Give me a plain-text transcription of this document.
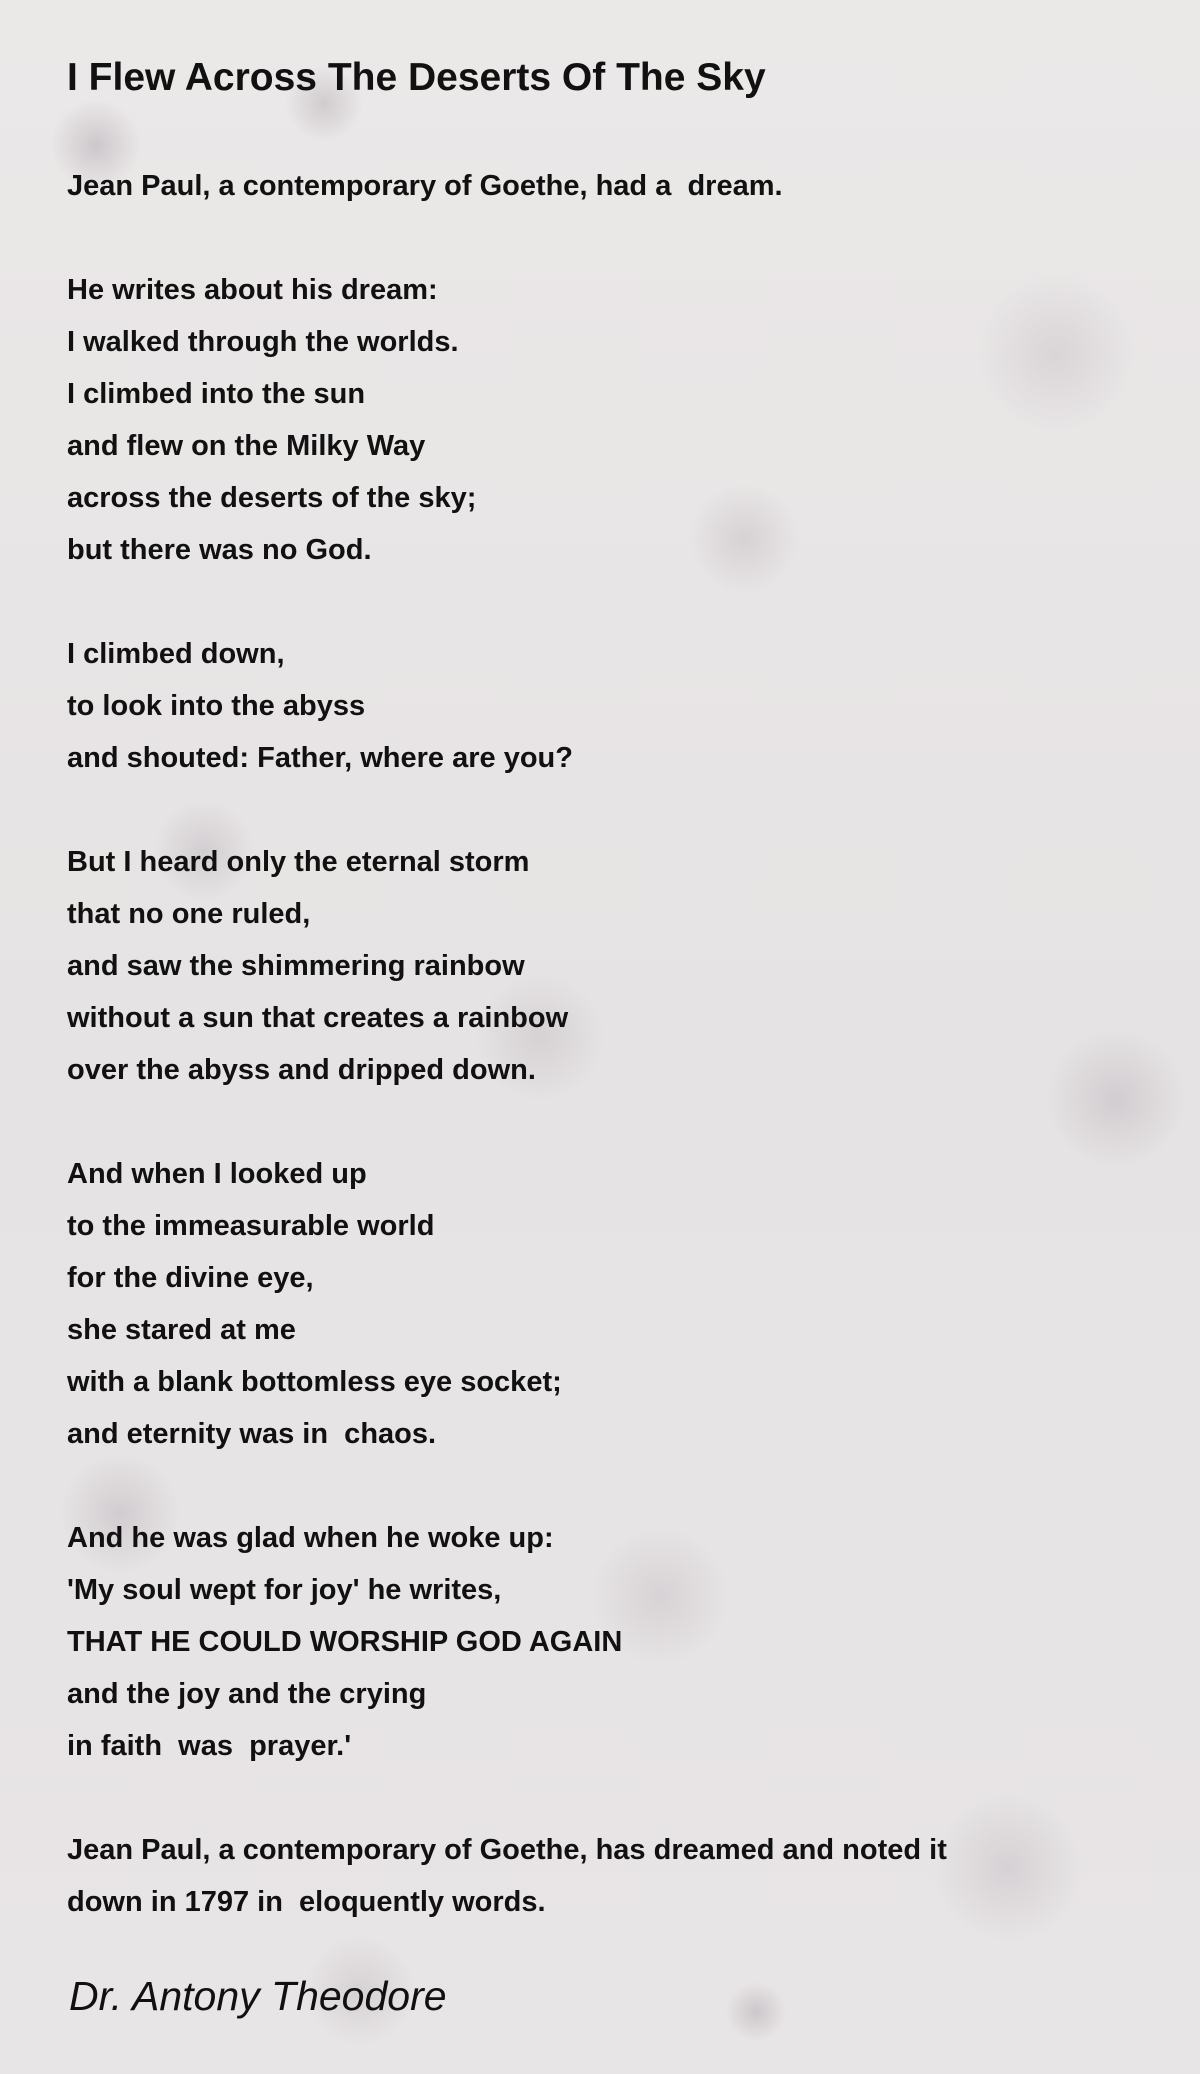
I Flew Across The Deserts Of The Sky
Jean Paul, a contemporary of Goethe, had a  dream.
He writes about his dream:
I walked through the worlds.
I climbed into the sun
and flew on the Milky Way
across the deserts of the sky;
but there was no God.
I climbed down,
to look into the abyss
and shouted: Father, where are you?
But I heard only the eternal storm
that no one ruled,
and saw the shimmering rainbow
without a sun that creates a rainbow
over the abyss and dripped down.
And when I looked up
to the immeasurable world
for the divine eye,
she stared at me
with a blank bottomless eye socket;
and eternity was in  chaos.
And he was glad when he woke up:
'My soul wept for joy' he writes,
THAT HE COULD WORSHIP GOD AGAIN
and the joy and the crying
in faith  was  prayer.'
Jean Paul, a contemporary of Goethe, has dreamed and noted it
down in 1797 in  eloquently words.

Dr. Antony Theodore
